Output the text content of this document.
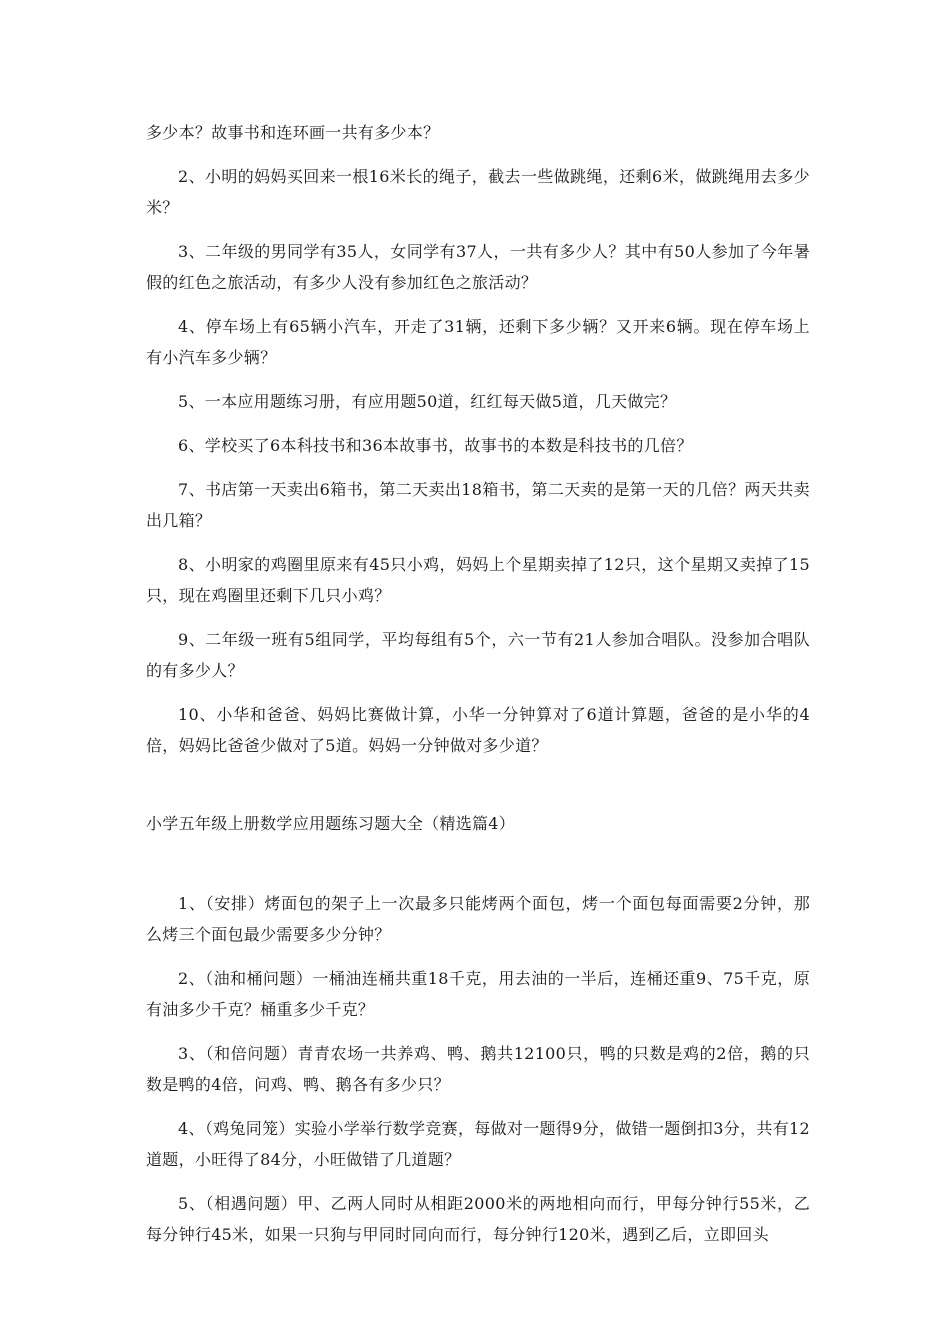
多少本？故事书和连环画一共有多少本？

2、小明的妈妈买回来一根16米长的绳子，截去一些做跳绳，还剩6米，做跳绳用去多少米？

3、二年级的男同学有35人，女同学有37人，一共有多少人？其中有50人参加了今年暑假的红色之旅活动，有多少人没有参加红色之旅活动？

4、停车场上有65辆小汽车，开走了31辆，还剩下多少辆？又开来6辆。现在停车场上有小汽车多少辆？

5、一本应用题练习册，有应用题50道，红红每天做5道，几天做完？

6、学校买了6本科技书和36本故事书，故事书的本数是科技书的几倍？

7、书店第一天卖出6箱书，第二天卖出18箱书，第二天卖的是第一天的几倍？两天共卖出几箱？

8、小明家的鸡圈里原来有45只小鸡，妈妈上个星期卖掉了12只，这个星期又卖掉了15只，现在鸡圈里还剩下几只小鸡？

9、二年级一班有5组同学，平均每组有5个，六一节有21人参加合唱队。没参加合唱队的有多少人？

10、小华和爸爸、妈妈比赛做计算，小华一分钟算对了6道计算题，爸爸的是小华的4倍，妈妈比爸爸少做对了5道。妈妈一分钟做对多少道？

小学五年级上册数学应用题练习题大全（精选篇4）

1、（安排）烤面包的架子上一次最多只能烤两个面包，烤一个面包每面需要2分钟，那么烤三个面包最少需要多少分钟？

2、（油和桶问题）一桶油连桶共重18千克，用去油的一半后，连桶还重9、75千克，原有油多少千克？桶重多少千克？

3、（和倍问题）青青农场一共养鸡、鸭、鹅共12100只，鸭的只数是鸡的2倍，鹅的只数是鸭的4倍，问鸡、鸭、鹅各有多少只？

4、（鸡兔同笼）实验小学举行数学竞赛，每做对一题得9分，做错一题倒扣3分，共有12道题，小旺得了84分，小旺做错了几道题？

5、（相遇问题）甲、乙两人同时从相距2000米的两地相向而行，甲每分钟行55米，乙每分钟行45米，如果一只狗与甲同时同向而行，每分钟行120米，遇到乙后，立即回头
